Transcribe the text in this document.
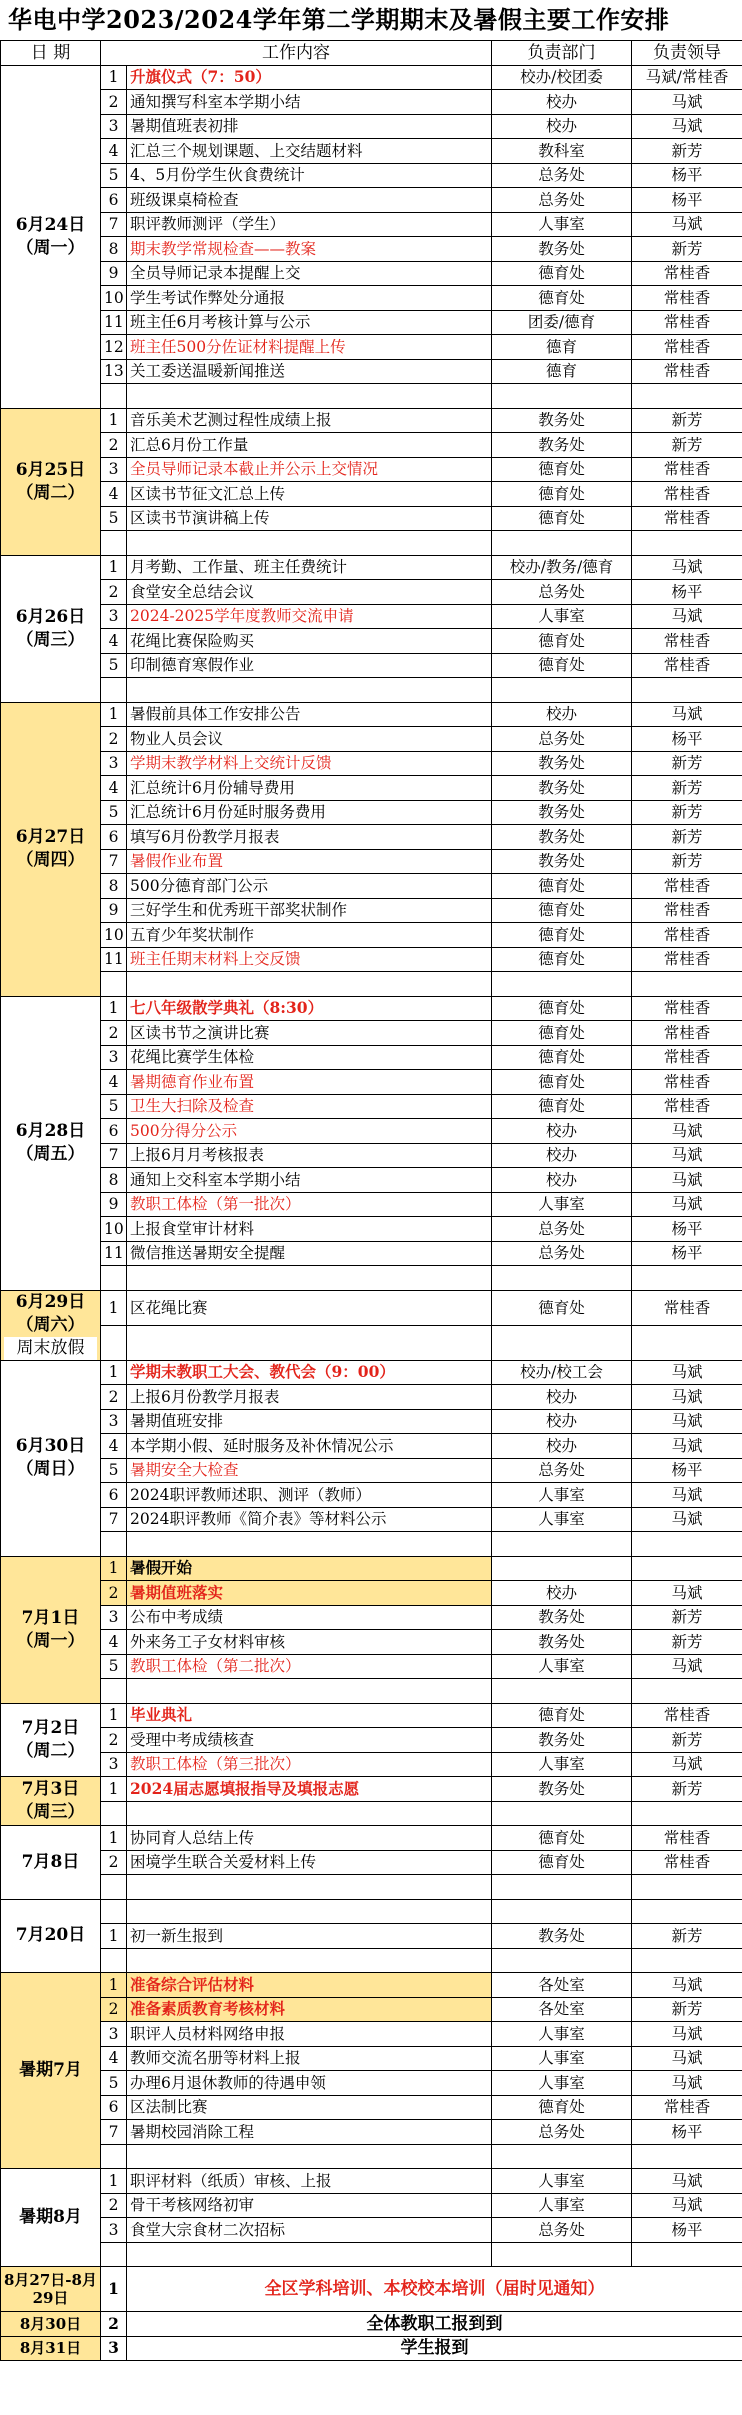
华电中学2023/2024学年第二学期期末及暑假主要工作安排
日 期	工作内容		负责部门	负责领导

6月24日
（周一）	1	升旗仪式（7：50）	校办/校团委	马斌/常桂香
	2	通知撰写科室本学期小结	校办	马斌
	3	暑期值班表初排	校办	马斌
	4	汇总三个规划课题、上交结题材料	教科室	新芳
	5	4、5月份学生伙食费统计	总务处	杨平
	6	班级课桌椅检查	总务处	杨平
	7	职评教师测评（学生）	人事室	马斌
	8	期末教学常规检查——教案	教务处	新芳
	9	全员导师记录本提醒上交	德育处	常桂香
	10	学生考试作弊处分通报	德育处	常桂香
	11	班主任6月考核计算与公示	团委/德育	常桂香
	12	班主任500分佐证材料提醒上传	德育	常桂香
	13	关工委送温暖新闻推送	德育	常桂香

6月25日
（周二）	1	音乐美术艺测过程性成绩上报	教务处	新芳
	2	汇总6月份工作量	教务处	新芳
	3	全员导师记录本截止并公示上交情况	德育处	常桂香
	4	区读书节征文汇总上传	德育处	常桂香
	5	区读书节演讲稿上传	德育处	常桂香

6月26日
（周三）	1	月考勤、工作量、班主任费统计	校办/教务/德育	马斌
	2	食堂安全总结会议	总务处	杨平
	3	2024-2025学年度教师交流申请	人事室	马斌
	4	花绳比赛保险购买	德育处	常桂香
	5	印制德育寒假作业	德育处	常桂香

6月27日
（周四）	1	暑假前具体工作安排公告	校办	马斌
	2	物业人员会议	总务处	杨平
	3	学期末教学材料上交统计反馈	教务处	新芳
	4	汇总统计6月份辅导费用	教务处	新芳
	5	汇总统计6月份延时服务费用	教务处	新芳
	6	填写6月份教学月报表	教务处	新芳
	7	暑假作业布置	教务处	新芳
	8	500分德育部门公示	德育处	常桂香
	9	三好学生和优秀班干部奖状制作	德育处	常桂香
	10	五育少年奖状制作	德育处	常桂香
	11	班主任期末材料上交反馈	德育处	常桂香

6月28日
（周五）	1	七八年级散学典礼（8:30）	德育处	常桂香
	2	区读书节之演讲比赛	德育处	常桂香
	3	花绳比赛学生体检	德育处	常桂香
	4	暑期德育作业布置	德育处	常桂香
	5	卫生大扫除及检查	德育处	常桂香
	6	500分得分公示	校办	马斌
	7	上报6月月考核报表	校办	马斌
	8	通知上交科室本学期小结	校办	马斌
	9	教职工体检（第一批次）	人事室	马斌
	10	上报食堂审计材料	总务处	杨平
	11	微信推送暑期安全提醒	总务处	杨平

6月29日
（周六）
周末放假	1	区花绳比赛	德育处	常桂香

6月30日
（周日）	1	学期末教职工大会、教代会（9：00）	校办/校工会	马斌
	2	上报6月份教学月报表	校办	马斌
	3	暑期值班安排	校办	马斌
	4	本学期小假、延时服务及补休情况公示	校办	马斌
	5	暑期安全大检查	总务处	杨平
	6	2024职评教师述职、测评（教师）	人事室	马斌
	7	2024职评教师《简介表》等材料公示	人事室	马斌

7月1日
（周一）	1	暑假开始		
	2	暑期值班落实	校办	马斌
	3	公布中考成绩	教务处	新芳
	4	外来务工子女材料审核	教务处	新芳
	5	教职工体检（第二批次）	人事室	马斌

7月2日
（周二）	1	毕业典礼	德育处	常桂香
	2	受理中考成绩核查	教务处	新芳
	3	教职工体检（第三批次）	人事室	马斌

7月3日
（周三）	1	2024届志愿填报指导及填报志愿	教务处	新芳

7月8日	1	协同育人总结上传	德育处	常桂香
	2	困境学生联合关爱材料上传	德育处	常桂香

7月20日				

	1	初一新生报到	教务处	新芳

暑期7月	1	准备综合评估材料	各处室	马斌
	2	准备素质教育考核材料	各处室	新芳
	3	职评人员材料网络申报	人事室	马斌
	4	教师交流名册等材料上报	人事室	马斌
	5	办理6月退休教师的待遇申领	人事室	马斌
	6	区法制比赛	德育处	常桂香
	7	暑期校园消除工程	总务处	杨平

暑期8月	1	职评材料（纸质）审核、上报	人事室	马斌
	2	骨干考核网络初审	人事室	马斌
	3	食堂大宗食材二次招标	总务处	杨平

8月27日-8月29日	1	全区学科培训、本校校本培训（届时见通知）		
8月30日	2	全体教职工报到到		
8月31日	3	学生报到		
